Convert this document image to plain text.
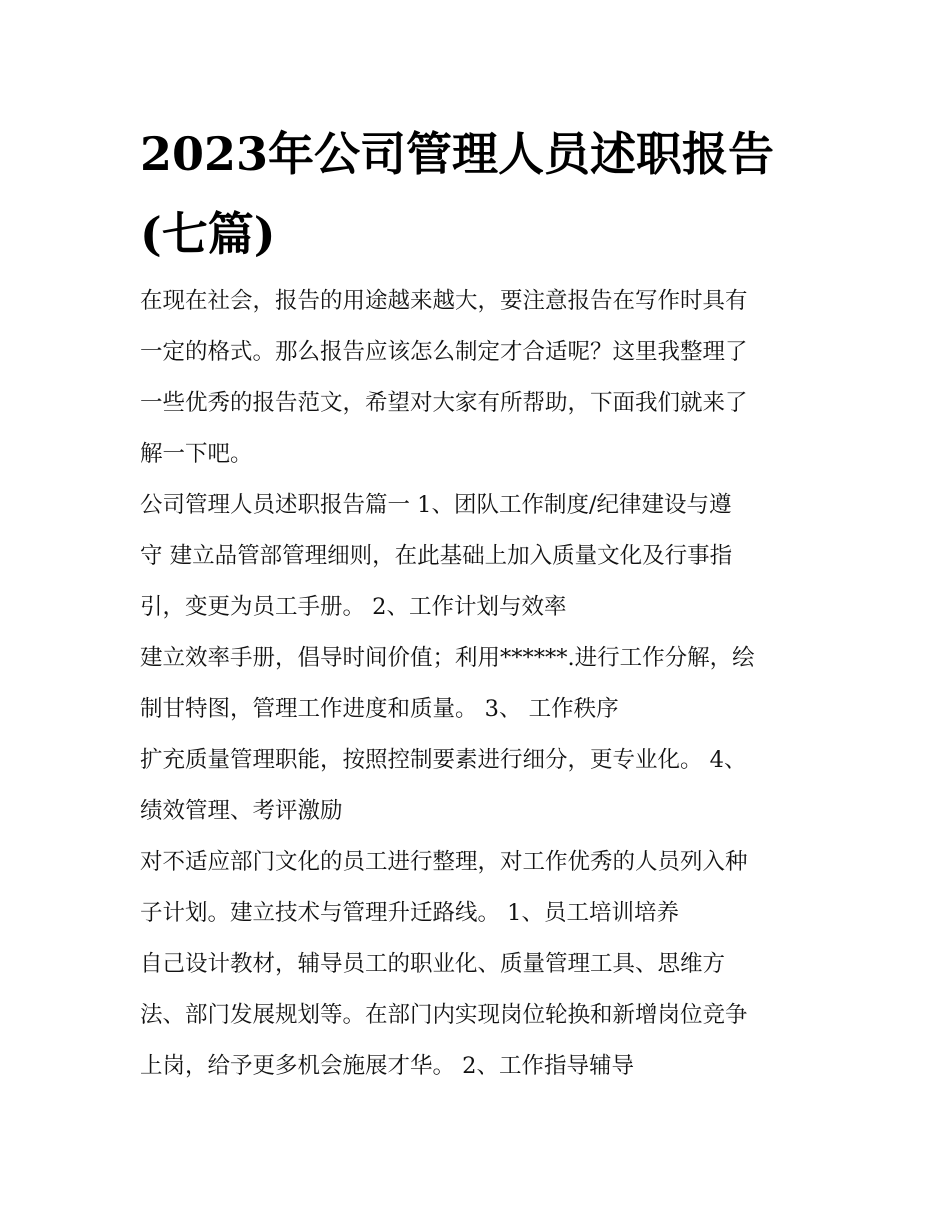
2023年公司管理人员述职报告
(七篇)

在现在社会，报告的用途越来越大，要注意报告在写作时具有

一定的格式。那么报告应该怎么制定才合适呢？这里我整理了

一些优秀的报告范文，希望对大家有所帮助，下面我们就来了

解一下吧。

公司管理人员述职报告篇一 1、团队工作制度/纪律建设与遵

守 建立品管部管理细则，在此基础上加入质量文化及行事指

引，变更为员工手册。 2、工作计划与效率

建立效率手册，倡导时间价值；利用******.进行工作分解，绘

制甘特图，管理工作进度和质量。 3、 工作秩序

扩充质量管理职能，按照控制要素进行细分，更专业化。 4、

绩效管理、考评激励

对不适应部门文化的员工进行整理，对工作优秀的人员列入种

子计划。建立技术与管理升迁路线。 1、员工培训培养

自己设计教材，辅导员工的职业化、质量管理工具、思维方

法、部门发展规划等。在部门内实现岗位轮换和新增岗位竞争

上岗，给予更多机会施展才华。 2、工作指导辅导
